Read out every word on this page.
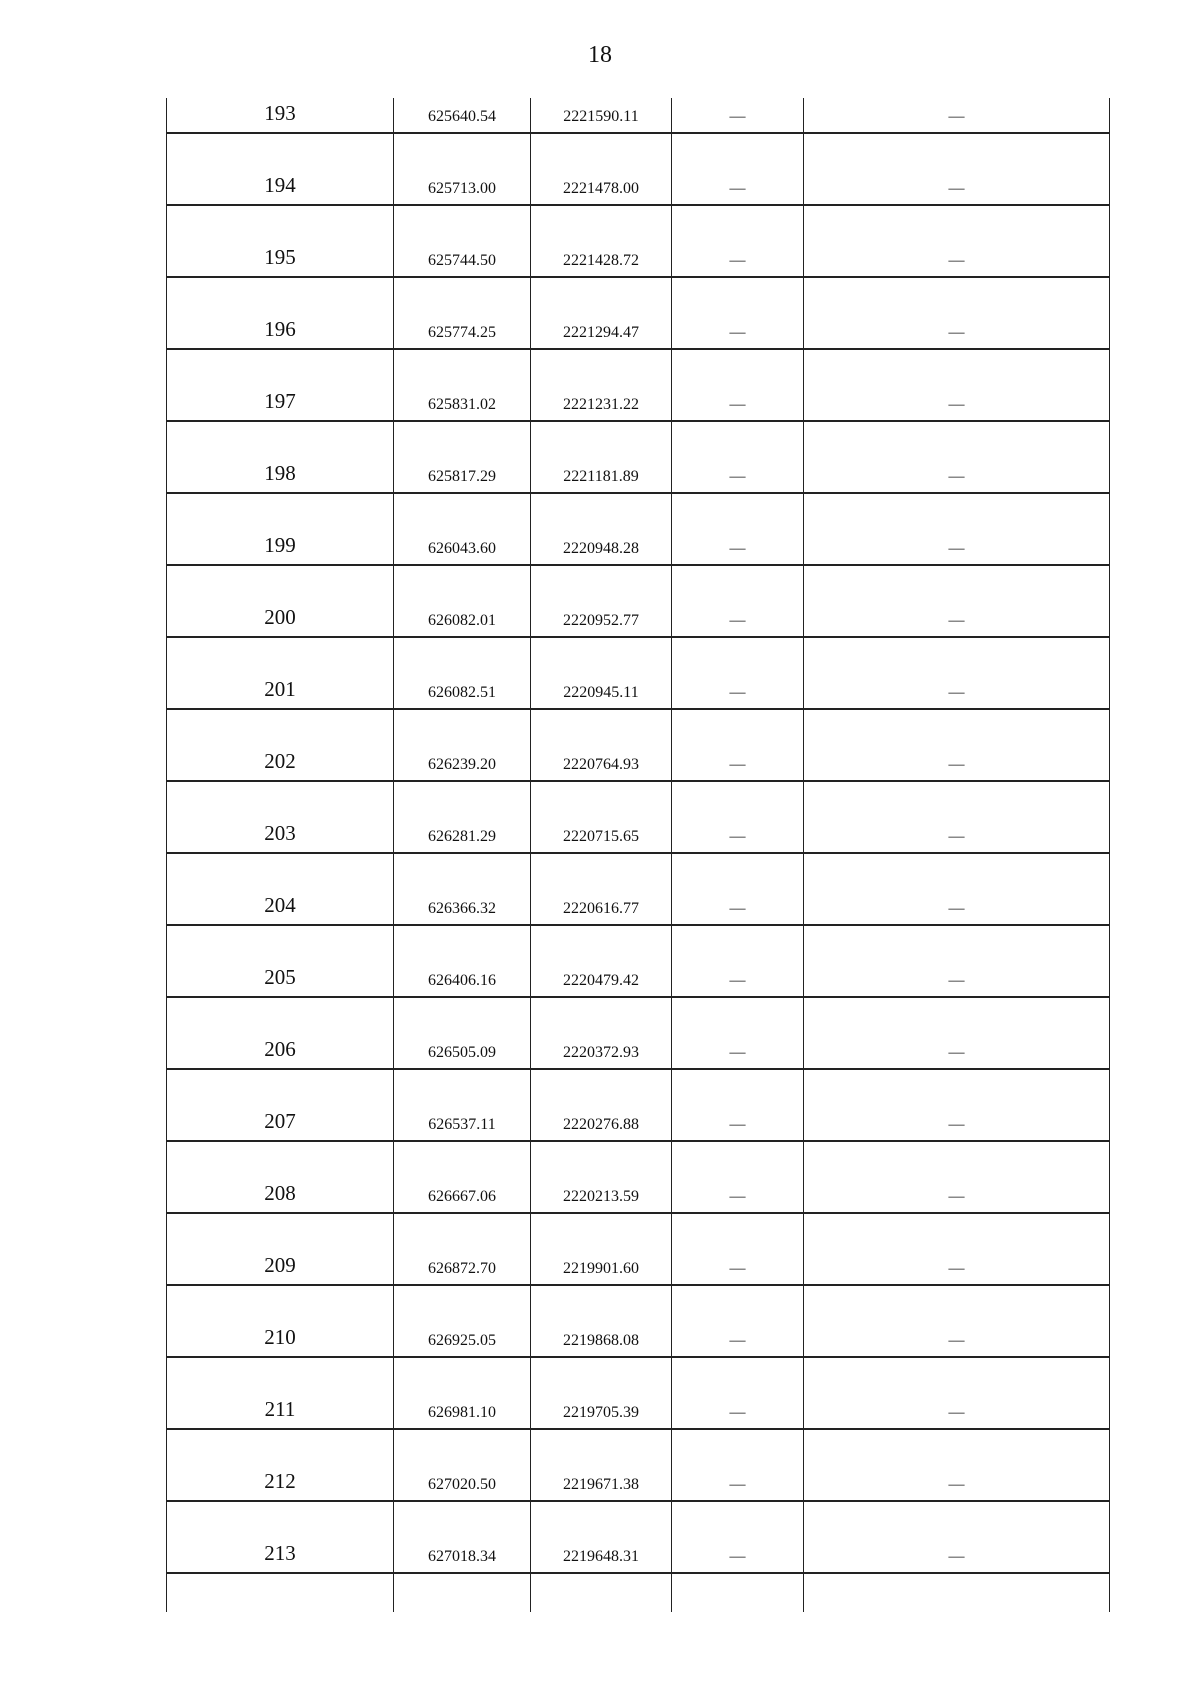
18
193	625640.54	2221590.11	—	—
194	625713.00	2221478.00	—	—
195	625744.50	2221428.72	—	—
196	625774.25	2221294.47	—	—
197	625831.02	2221231.22	—	—
198	625817.29	2221181.89	—	—
199	626043.60	2220948.28	—	—
200	626082.01	2220952.77	—	—
201	626082.51	2220945.11	—	—
202	626239.20	2220764.93	—	—
203	626281.29	2220715.65	—	—
204	626366.32	2220616.77	—	—
205	626406.16	2220479.42	—	—
206	626505.09	2220372.93	—	—
207	626537.11	2220276.88	—	—
208	626667.06	2220213.59	—	—
209	626872.70	2219901.60	—	—
210	626925.05	2219868.08	—	—
211	626981.10	2219705.39	—	—
212	627020.50	2219671.38	—	—
213	627018.34	2219648.31	—	—
